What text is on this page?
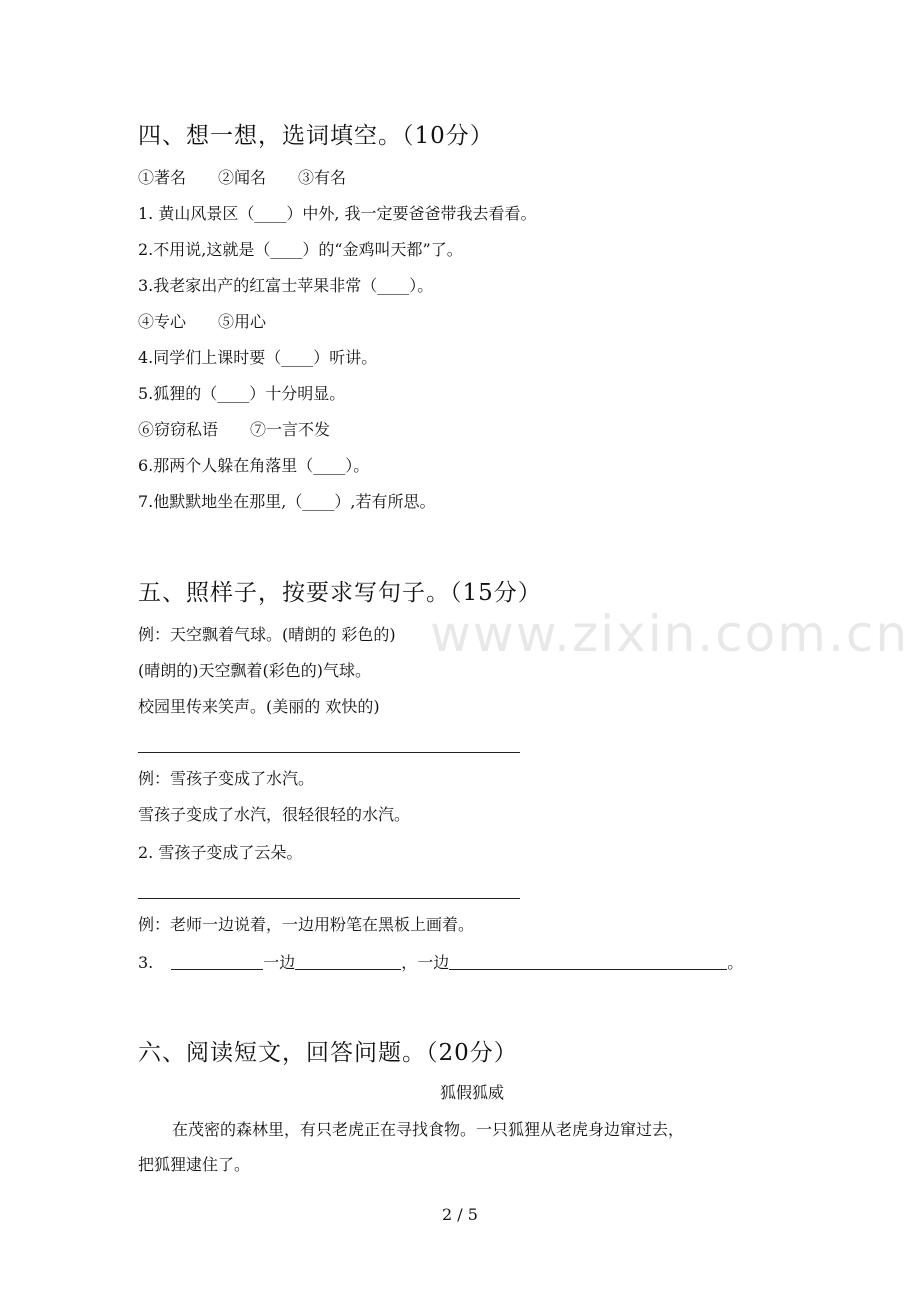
四、想一想，选词填空。（10分）
①著名　　②闻名　　③有名
1. 黄山风景区（____）中外, 我一定要爸爸带我去看看。
2.不用说,这就是（____）的“金鸡叫天都”了。
3.我老家出产的红富士苹果非常（____）。
④专心　　⑤用心
4.同学们上课时要（____）听讲。
5.狐狸的（____）十分明显。
⑥窃窃私语　　⑦一言不发
6.那两个人躲在角落里（____）。
7.他默默地坐在那里,（____）,若有所思。
五、照样子，按要求写句子。（15分）
例：天空飘着气球。(晴朗的 彩色的)
(晴朗的)天空飘着(彩色的)气球。
校园里传来笑声。(美丽的 欢快的)
例：雪孩子变成了水汽。
雪孩子变成了水汽，很轻很轻的水汽。
2. 雪孩子变成了云朵。
例：老师一边说着，一边用粉笔在黑板上画着。
3.	一边	，一边	。
六、阅读短文，回答问题。（20分）
狐假狐威
在茂密的森林里，有只老虎正在寻找食物。一只狐狸从老虎身边窜过去，
把狐狸逮住了。
2 / 5
www.zixin.com.cn
